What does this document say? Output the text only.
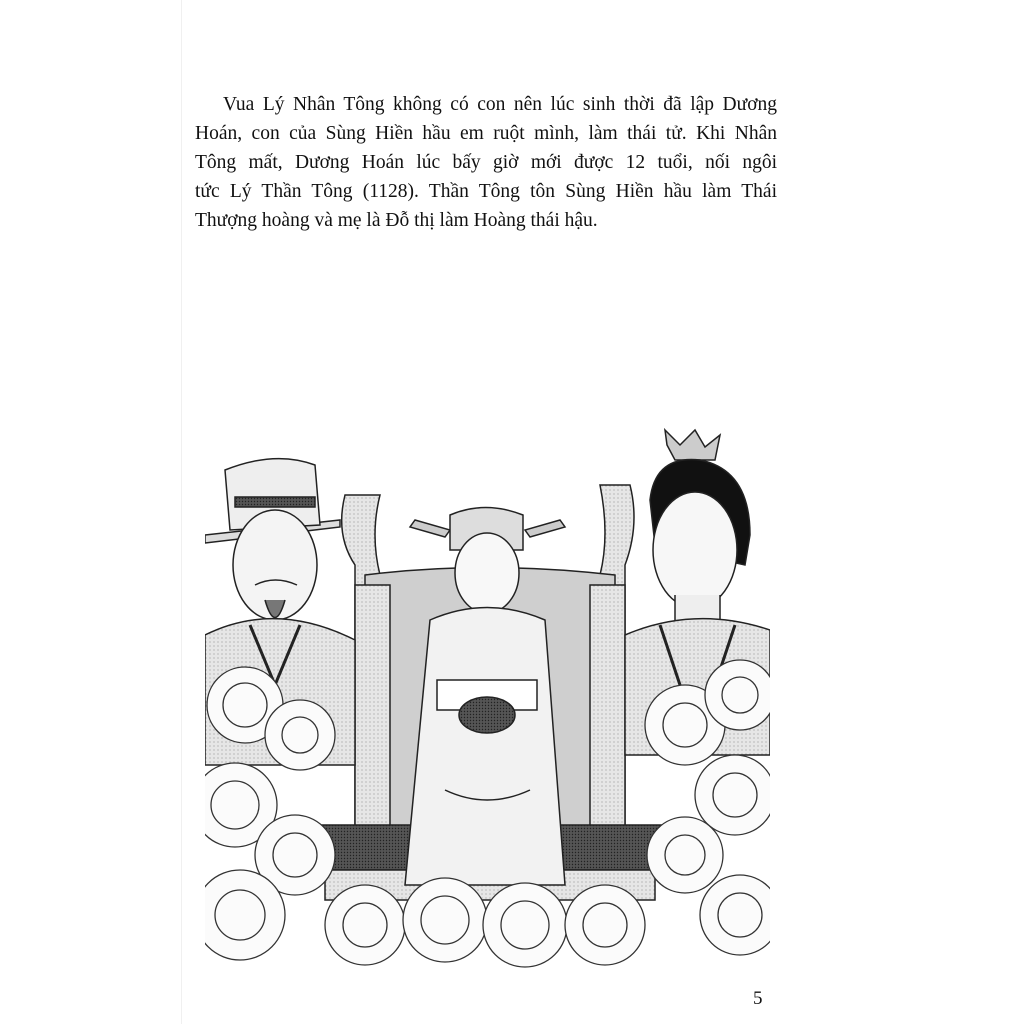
Vua Lý Nhân Tông không có con nên lúc sinh thời đã lập Dương
Hoán, con của Sùng Hiền hầu em ruột mình, làm thái tử. Khi Nhân
Tông mất, Dương Hoán lúc bấy giờ mới được 12 tuổi, nối ngôi
tức Lý Thần Tông (1128). Thần Tông tôn Sùng Hiền hầu làm Thái
Thượng hoàng và mẹ là Đỗ thị làm Hoàng thái hậu.
5
